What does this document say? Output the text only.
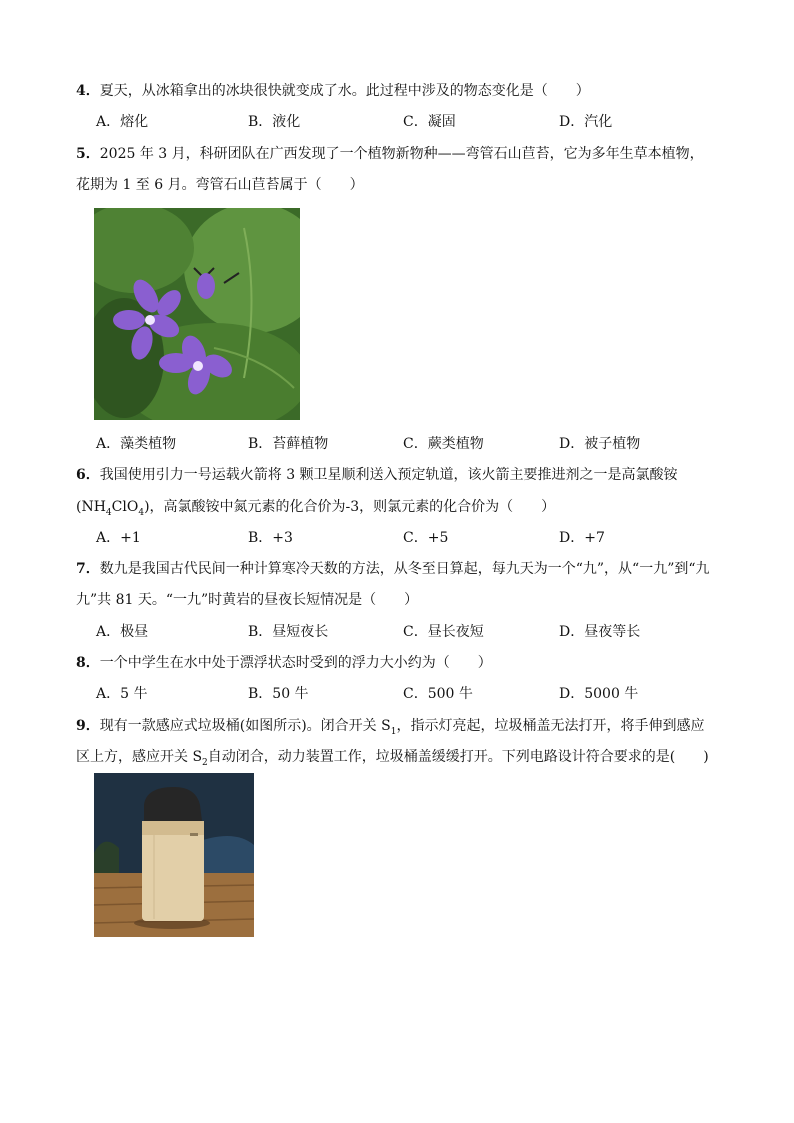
4．夏天，从冰箱拿出的冰块很快就变成了水。此过程中涉及的物态变化是（　　）
A．熔化	B．液化	C．凝固	D．汽化
5．2025 年 3 月，科研团队在广西发现了一个植物新物种——弯管石山苣苔，它为多年生草本植物，
花期为 1 至 6 月。弯管石山苣苔属于（　　）
A．藻类植物	B．苔藓植物	C．蕨类植物	D．被子植物
6．我国使用引力一号运载火箭将 3 颗卫星顺利送入预定轨道，该火箭主要推进剂之一是高氯酸铵
$(NH_4ClO_4)$，高氯酸铵中氮元素的化合价为-3，则氯元素的化合价为（　　）
A．+1	B．+3	C．+5	D．+7
7．数九是我国古代民间一种计算寒冷天数的方法，从冬至日算起，每九天为一个“九”，从“一九”到“九
九”共 81 天。“一九”时黄岩的昼夜长短情况是（　　）
A．极昼	B．昼短夜长	C．昼长夜短	D．昼夜等长
8．一个中学生在水中处于漂浮状态时受到的浮力大小约为（　　）
A．5 牛	B．50 牛	C．500 牛	D．5000 牛
9．现有一款感应式垃圾桶(如图所示)。闭合开关 $S_1$，指示灯亮起，垃圾桶盖无法打开，将手伸到感应
区上方，感应开关 $S_2$自动闭合，动力装置工作，垃圾桶盖缓缓打开。下列电路设计符合要求的是(　　)
